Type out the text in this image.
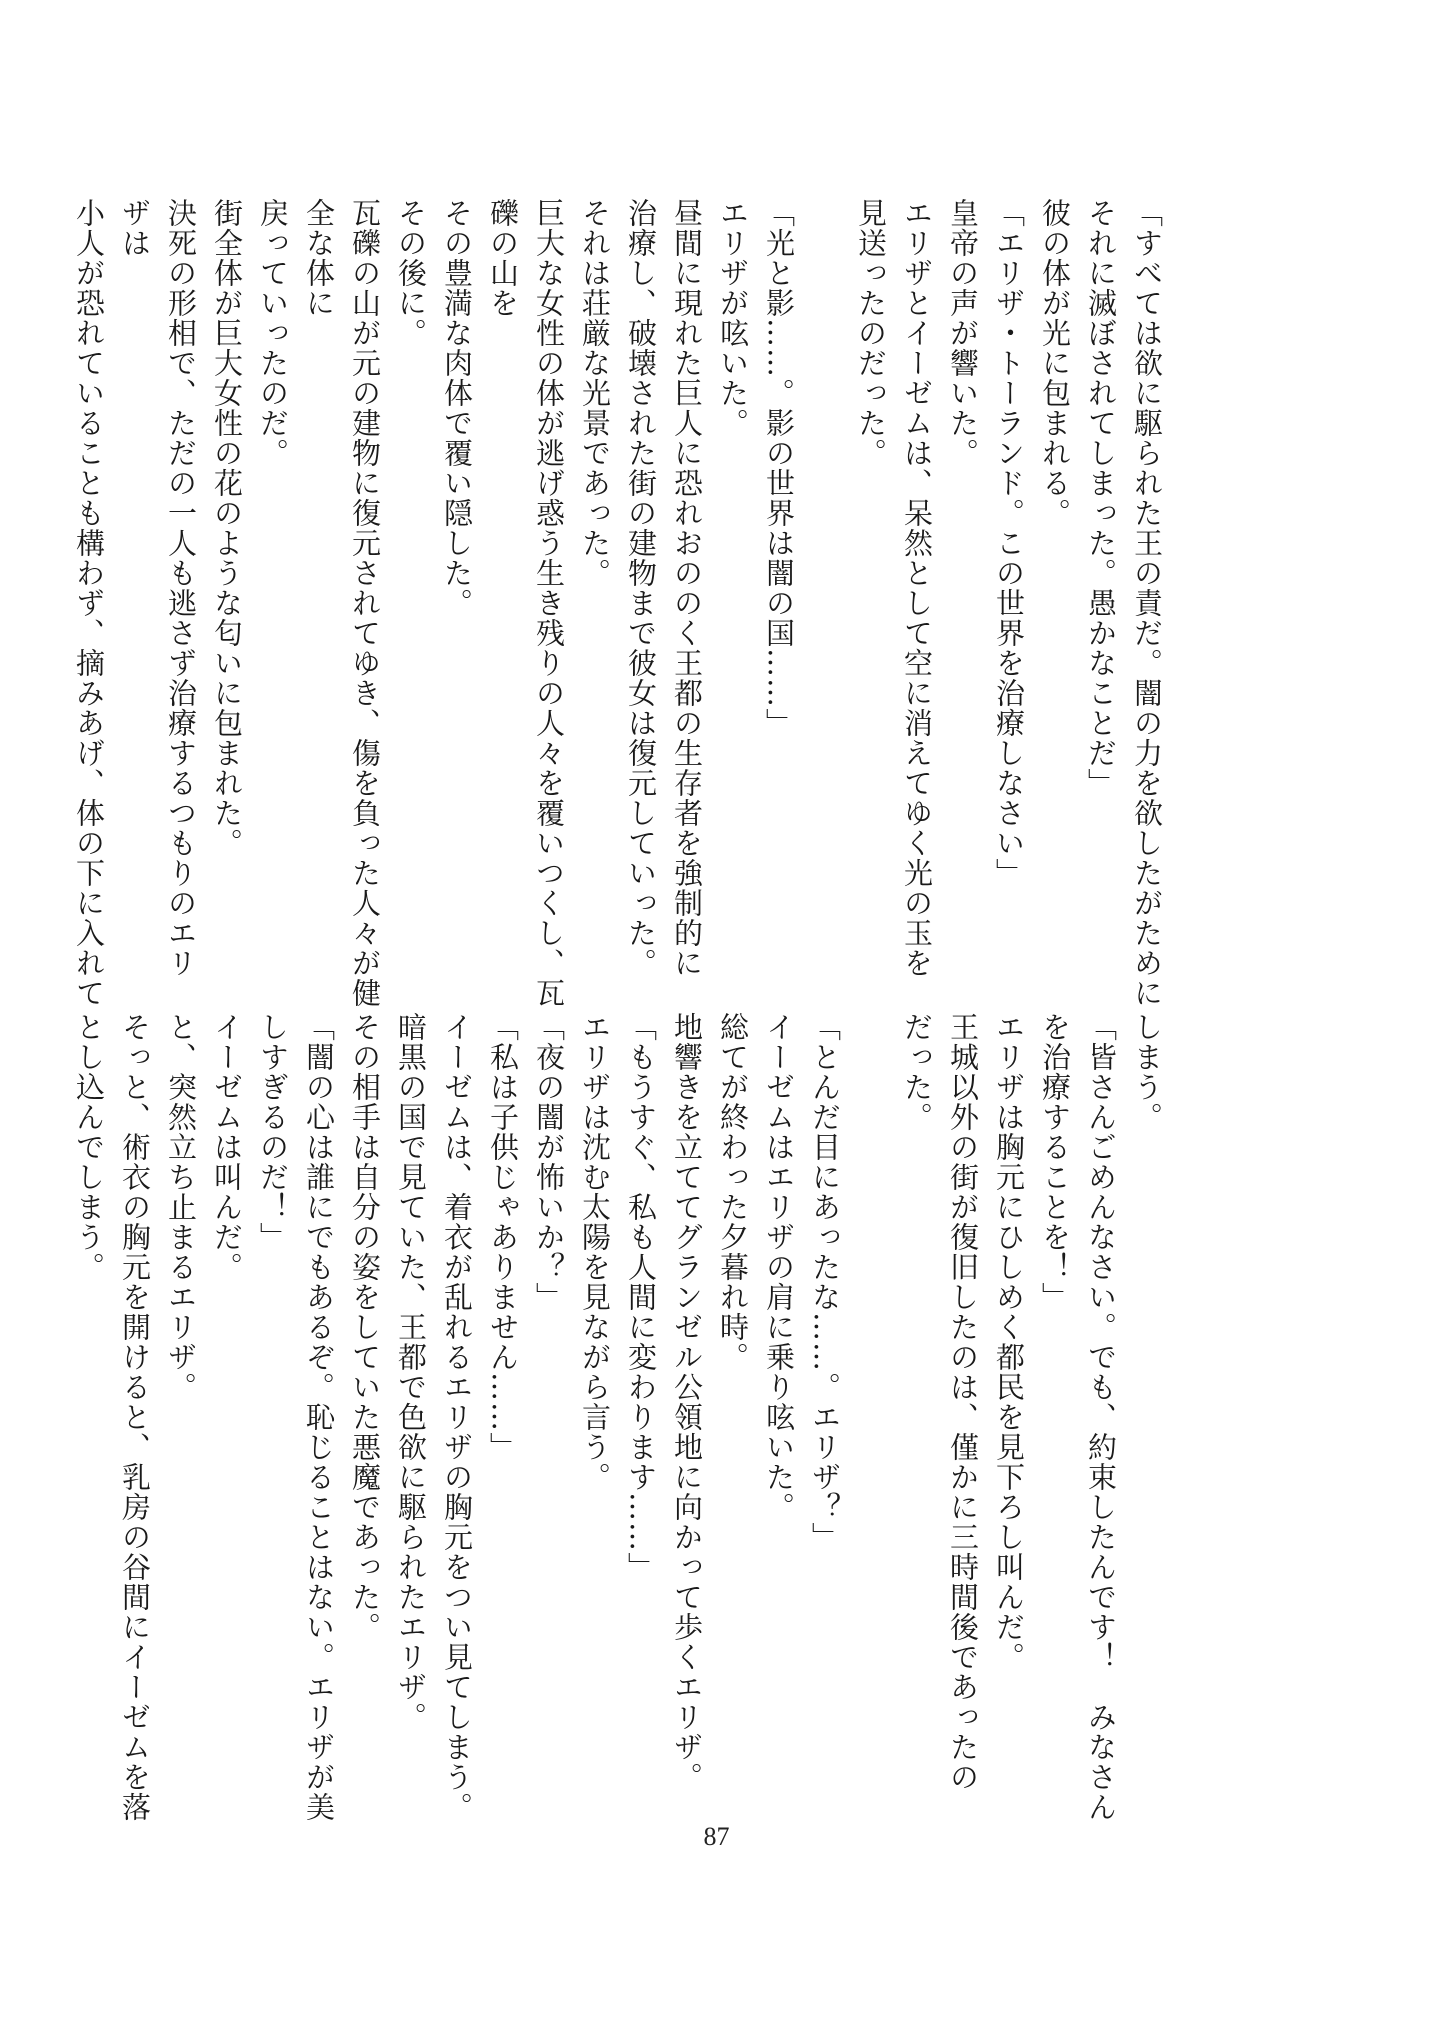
「すべては欲に駆られた王の責だ。闇の力を欲したがために
それに滅ぼされてしまった。愚かなことだ」
彼の体が光に包まれる。
「エリザ・トーランド。この世界を治療しなさい」
皇帝の声が響いた。
エリザとイーゼムは、呆然として空に消えてゆく光の玉を
見送ったのだった。

「光と影……。影の世界は闇の国……」
エリザが呟いた。
昼間に現れた巨人に恐れおののく王都の生存者を強制的に
治療し、破壊された街の建物まで彼女は復元していった。
それは荘厳な光景であった。
巨大な女性の体が逃げ惑う生き残りの人々を覆いつくし、瓦
礫の山を
その豊満な肉体で覆い隠した。
その後に。
瓦礫の山が元の建物に復元されてゆき、傷を負った人々が健
全な体に
戻っていったのだ。
街全体が巨大女性の花のような匂いに包まれた。
決死の形相で、ただの一人も逃さず治療するつもりのエリ
ザは
小人が恐れていることも構わず、摘みあげ、体の下に入れて
しまう。
「皆さんごめんなさい。でも、約束したんです！　みなさん
を治療することを！」
エリザは胸元にひしめく都民を見下ろし叫んだ。
王城以外の街が復旧したのは、僅かに三時間後であったの
だった。

「とんだ目にあったな……。エリザ？」
イーゼムはエリザの肩に乗り呟いた。
総てが終わった夕暮れ時。
地響きを立ててグランゼル公領地に向かって歩くエリザ。
「もうすぐ、私も人間に変わります……」
エリザは沈む太陽を見ながら言う。
「夜の闇が怖いか？」
「私は子供じゃありません……」
イーゼムは、着衣が乱れるエリザの胸元をつい見てしまう。
暗黒の国で見ていた、王都で色欲に駆られたエリザ。
その相手は自分の姿をしていた悪魔であった。
「闇の心は誰にでもあるぞ。恥じることはない。エリザが美
しすぎるのだ！」
イーゼムは叫んだ。
と、突然立ち止まるエリザ。
そっと、術衣の胸元を開けると、乳房の谷間にイーゼムを落
とし込んでしまう。
87
